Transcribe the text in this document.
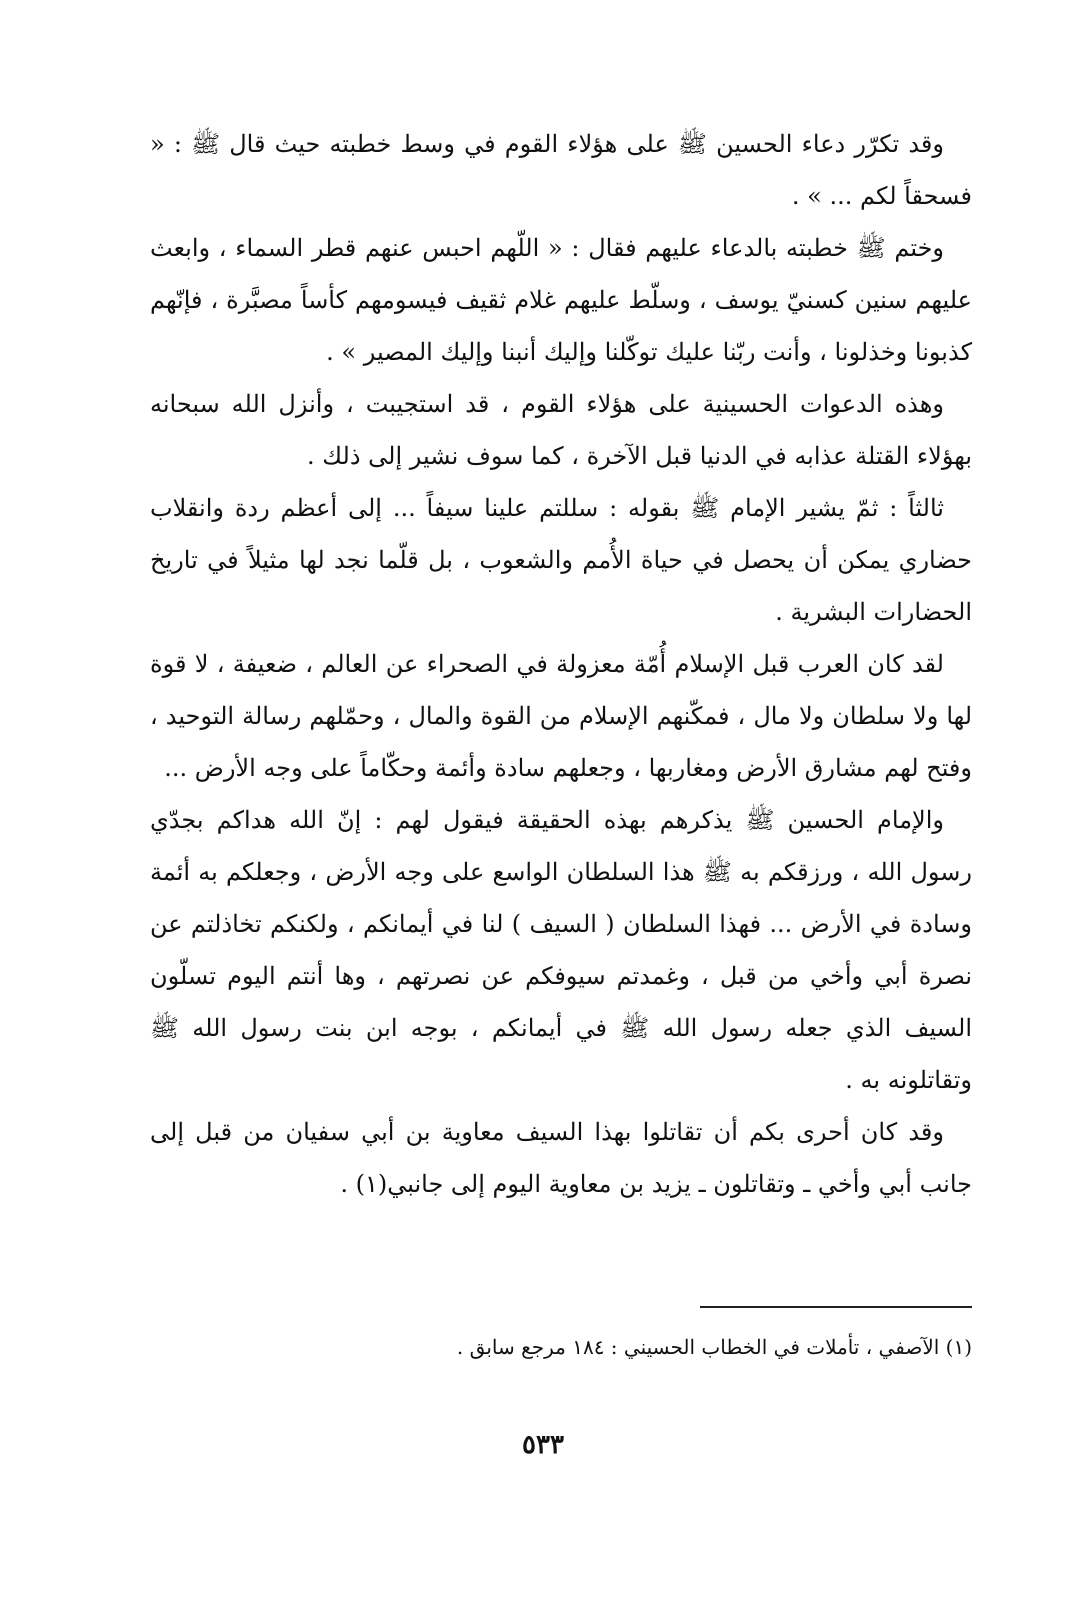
وقد تكرّر دعاء الحسين ﷺ على هؤلاء القوم في وسط خطبته حيث قال ﷺ : « فسحقاً لكم ... » .

وختم ﷺ خطبته بالدعاء عليهم فقال : « اللّهم احبس عنهم قطر السماء ، وابعث عليهم سنين كسنيّ يوسف ، وسلّط عليهم غلام ثقيف فيسومهم كأساً مصبَّرة ، فإنّهم كذبونا وخذلونا ، وأنت ربّنا عليك توكّلنا وإليك أنبنا وإليك المصير » .

وهذه الدعوات الحسينية على هؤلاء القوم ، قد استجيبت ، وأنزل الله سبحانه بهؤلاء القتلة عذابه في الدنيا قبل الآخرة ، كما سوف نشير إلى ذلك .

ثالثاً : ثمّ يشير الإمام ﷺ بقوله : سللتم علينا سيفاً ... إلى أعظم ردة وانقلاب حضاري يمكن أن يحصل في حياة الأُمم والشعوب ، بل قلّما نجد لها مثيلاً في تاريخ الحضارات البشرية .

لقد كان العرب قبل الإسلام أُمّة معزولة في الصحراء عن العالم ، ضعيفة ، لا قوة لها ولا سلطان ولا مال ، فمكّنهم الإسلام من القوة والمال ، وحمّلهم رسالة التوحيد ، وفتح لهم مشارق الأرض ومغاربها ، وجعلهم سادة وأئمة وحكّاماً على وجه الأرض ...

والإمام الحسين ﷺ يذكرهم بهذه الحقيقة فيقول لهم : إنّ الله هداكم بجدّي رسول الله ، ورزقكم به ﷺ هذا السلطان الواسع على وجه الأرض ، وجعلكم به أئمة وسادة في الأرض ... فهذا السلطان ( السيف ) لنا في أيمانكم ، ولكنكم تخاذلتم عن نصرة أبي وأخي من قبل ، وغمدتم سيوفكم عن نصرتهم ، وها أنتم اليوم تسلّون السيف الذي جعله رسول الله ﷺ في أيمانكم ، بوجه ابن بنت رسول الله ﷺ وتقاتلونه به .

وقد كان أحرى بكم أن تقاتلوا بهذا السيف معاوية بن أبي سفيان من قبل إلى جانب أبي وأخي ـ وتقاتلون ـ يزيد بن معاوية اليوم إلى جانبي(١) .

(١) الآصفي ، تأملات في الخطاب الحسيني : ١٨٤ مرجع سابق .

٥٣٣
